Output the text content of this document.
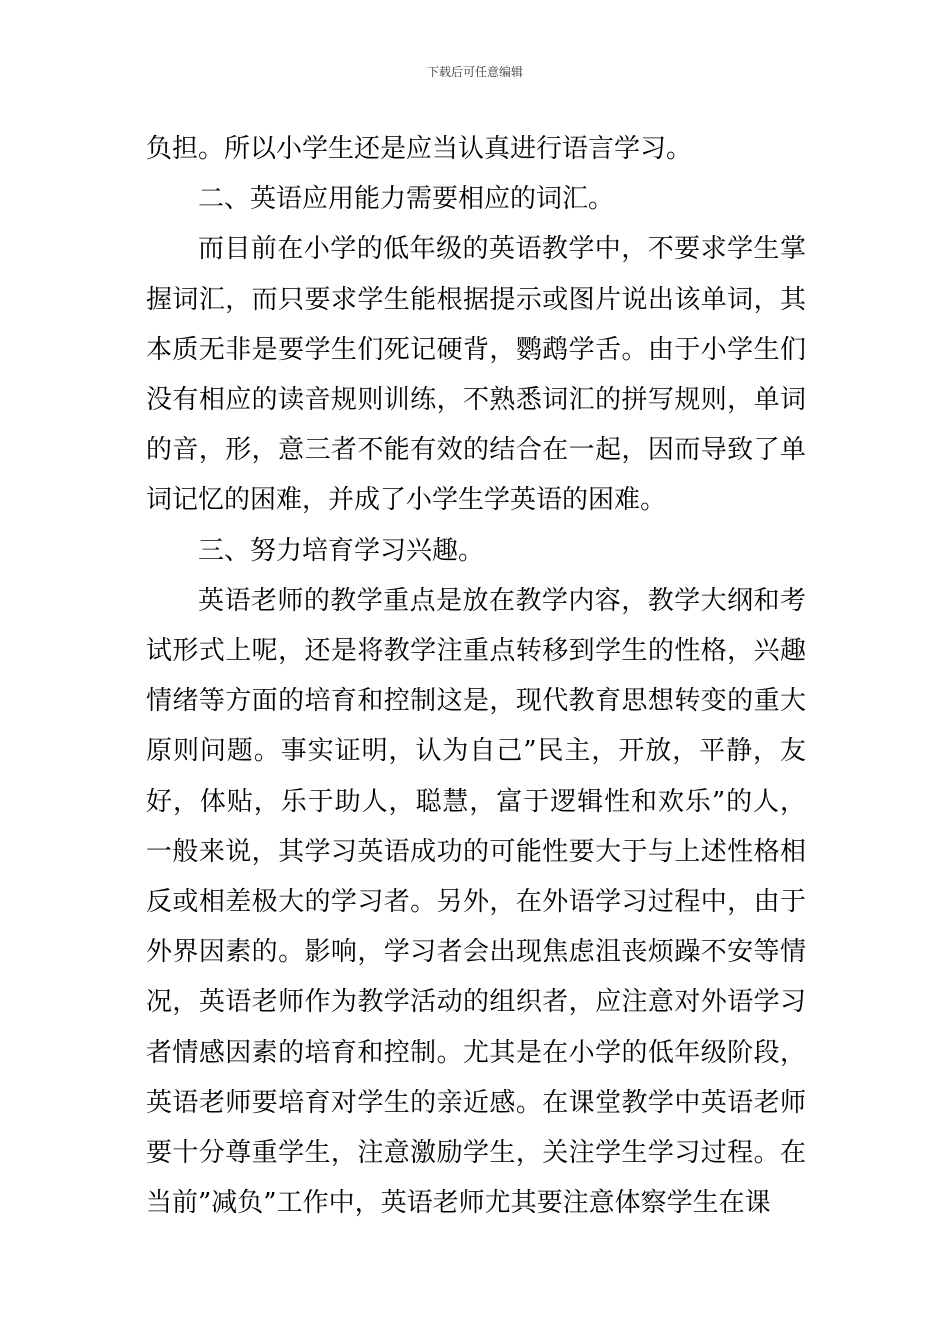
下载后可任意编辑

负担。所以小学生还是应当认真进行语言学习。

二、英语应用能力需要相应的词汇。

而目前在小学的低年级的英语教学中，不要求学生掌握词汇，而只要求学生能根据提示或图片说出该单词，其本质无非是要学生们死记硬背，鹦鹉学舌。由于小学生们没有相应的读音规则训练，不熟悉词汇的拼写规则，单词的音，形，意三者不能有效的结合在一起，因而导致了单词记忆的困难，并成了小学生学英语的困难。

三、努力培育学习兴趣。

英语老师的教学重点是放在教学内容，教学大纲和考试形式上呢，还是将教学注重点转移到学生的性格，兴趣情绪等方面的培育和控制这是，现代教育思想转变的重大原则问题。事实证明，认为自己”民主，开放，平静，友好，体贴，乐于助人，聪慧，富于逻辑性和欢乐”的人，一般来说，其学习英语成功的可能性要大于与上述性格相反或相差极大的学习者。另外，在外语学习过程中，由于外界因素的。影响，学习者会出现焦虑沮丧烦躁不安等情况，英语老师作为教学活动的组织者，应注意对外语学习者情感因素的培育和控制。尤其是在小学的低年级阶段，英语老师要培育对学生的亲近感。在课堂教学中英语老师要十分尊重学生，注意激励学生，关注学生学习过程。在当前”减负”工作中，英语老师尤其要注意体察学生在课
